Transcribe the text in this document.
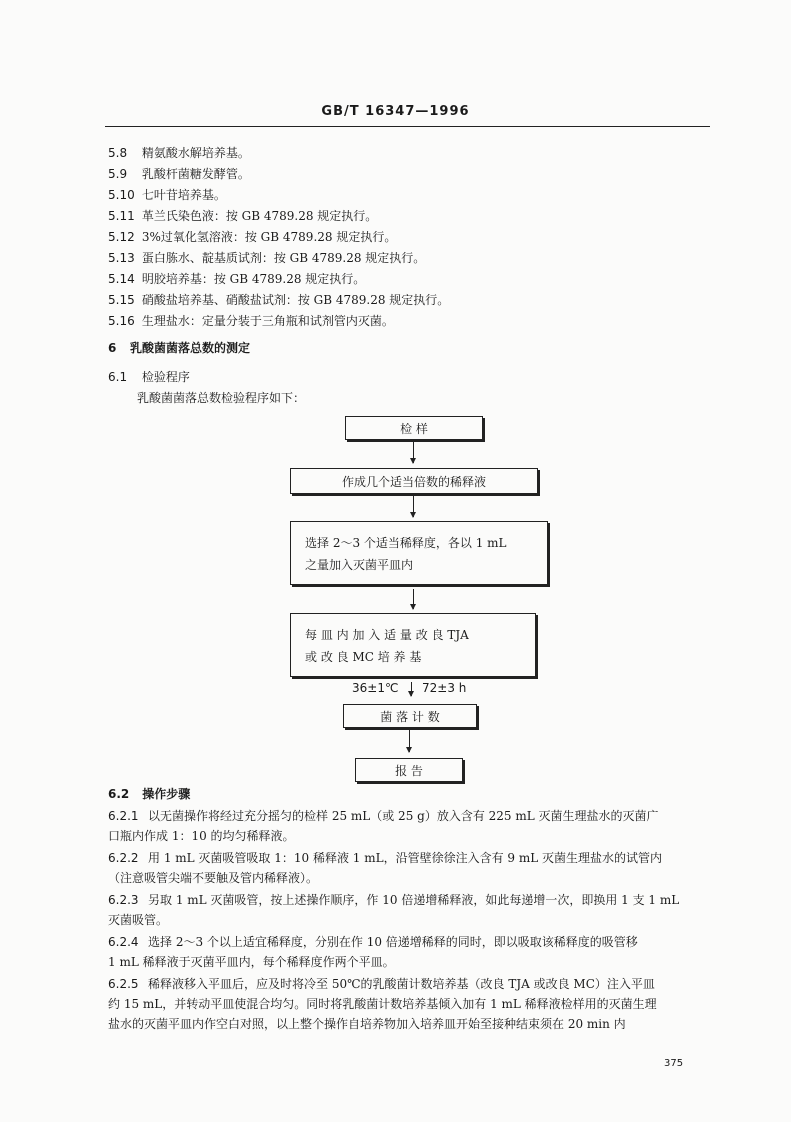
GB/T 16347—1996
5.8 精氨酸水解培养基。
5.9 乳酸杆菌糖发酵管。
5.10 七叶苷培养基。
5.11 革兰氏染色液：按 GB 4789.28 规定执行。
5.12 3%过氧化氢溶液：按 GB 4789.28 规定执行。
5.13 蛋白胨水、靛基质试剂：按 GB 4789.28 规定执行。
5.14 明胶培养基：按 GB 4789.28 规定执行。
5.15 硝酸盐培养基、硝酸盐试剂：按 GB 4789.28 规定执行。
5.16 生理盐水：定量分装于三角瓶和试剂管内灭菌。
6 乳酸菌菌落总数的测定
6.1 检验程序
乳酸菌菌落总数检验程序如下：
检 样
作成几个适当倍数的稀释液
选择 2～3 个适当稀释度，各以 1 mL
之量加入灭菌平皿内
每 皿 内 加 入 适 量 改 良 TJA
或 改 良 MC 培 养 基
36±1℃ 72±3 h
菌 落 计 数
报 告
6.2 操作步骤
6.2.1 以无菌操作将经过充分摇匀的检样 25 mL（或 25 g）放入含有 225 mL 灭菌生理盐水的灭菌广
口瓶内作成 1：10 的均匀稀释液。
6.2.2 用 1 mL 灭菌吸管吸取 1：10 稀释液 1 mL，沿管壁徐徐注入含有 9 mL 灭菌生理盐水的试管内
（注意吸管尖端不要触及管内稀释液）。
6.2.3 另取 1 mL 灭菌吸管，按上述操作顺序，作 10 倍递增稀释液，如此每递增一次，即换用 1 支 1 mL
灭菌吸管。
6.2.4 选择 2～3 个以上适宜稀释度，分别在作 10 倍递增稀释的同时，即以吸取该稀释度的吸管移
1 mL 稀释液于灭菌平皿内，每个稀释度作两个平皿。
6.2.5 稀释液移入平皿后，应及时将冷至 50℃的乳酸菌计数培养基（改良 TJA 或改良 MC）注入平皿
约 15 mL，并转动平皿使混合均匀。同时将乳酸菌计数培养基倾入加有 1 mL 稀释液检样用的灭菌生理
盐水的灭菌平皿内作空白对照，以上整个操作自培养物加入培养皿开始至接种结束须在 20 min 内
375
